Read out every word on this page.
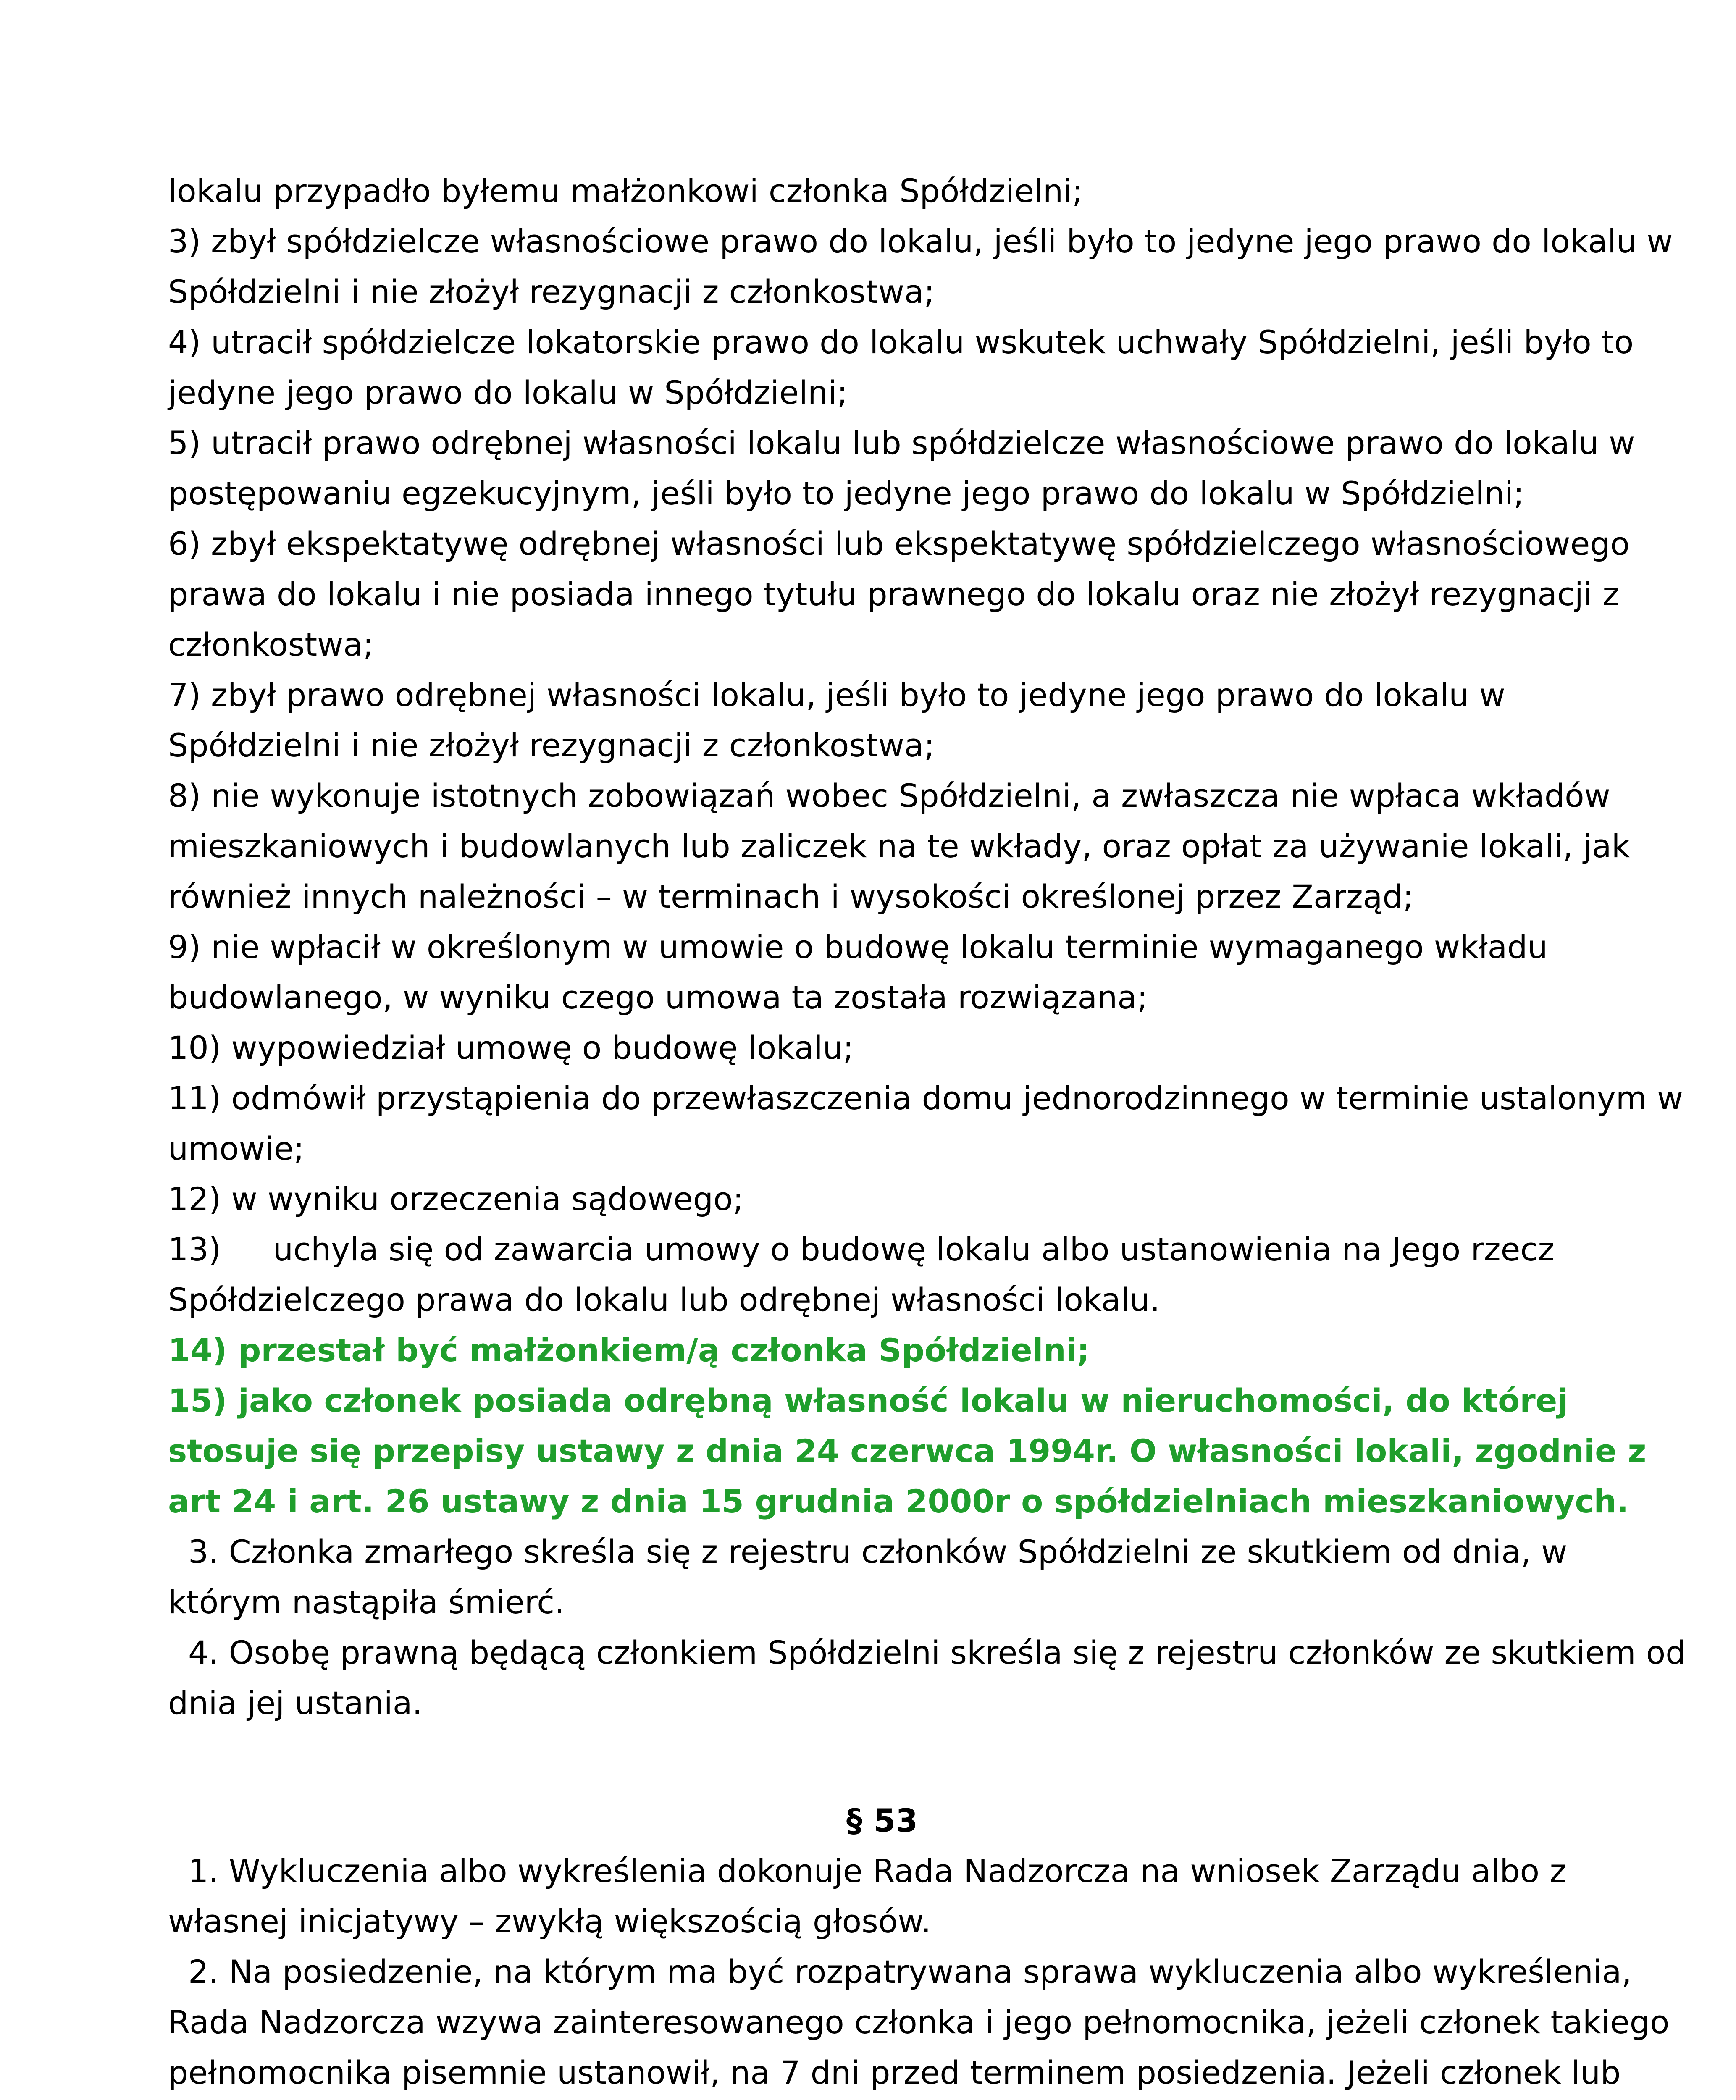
lokalu przypadło byłemu małżonkowi członka Spółdzielni;
3) zbył spółdzielcze własnościowe prawo do lokalu, jeśli było to jedyne jego prawo do lokalu w
Spółdzielni i nie złożył rezygnacji z członkostwa;
4) utracił spółdzielcze lokatorskie prawo do lokalu wskutek uchwały Spółdzielni, jeśli było to
jedyne jego prawo do lokalu w Spółdzielni;
5) utracił prawo odrębnej własności lokalu lub spółdzielcze własnościowe prawo do lokalu w
postępowaniu egzekucyjnym, jeśli było to jedyne jego prawo do lokalu w Spółdzielni;
6) zbył ekspektatywę odrębnej własności lub ekspektatywę spółdzielczego własnościowego
prawa do lokalu i nie posiada innego tytułu prawnego do lokalu oraz nie złożył rezygnacji z
członkostwa;
7) zbył prawo odrębnej własności lokalu, jeśli było to jedyne jego prawo do lokalu w
Spółdzielni i nie złożył rezygnacji z członkostwa;
8) nie wykonuje istotnych zobowiązań wobec Spółdzielni, a zwłaszcza nie wpłaca wkładów
mieszkaniowych i budowlanych lub zaliczek na te wkłady, oraz opłat za używanie lokali, jak
również innych należności – w terminach i wysokości określonej przez Zarząd;
9) nie wpłacił w określonym w umowie o budowę lokalu terminie wymaganego wkładu
budowlanego, w wyniku czego umowa ta została rozwiązana;
10) wypowiedział umowę o budowę lokalu;
11) odmówił przystąpienia do przewłaszczenia domu jednorodzinnego w terminie ustalonym w
umowie;
12) w wyniku orzeczenia sądowego;
13) uchyla się od zawarcia umowy o budowę lokalu albo ustanowienia na Jego rzecz
Spółdzielczego prawa do lokalu lub odrębnej własności lokalu.
14) przestał być małżonkiem/ą członka Spółdzielni;
15) jako członek posiada odrębną własność lokalu w nieruchomości, do której
stosuje się przepisy ustawy z dnia 24 czerwca 1994r. O własności lokali, zgodnie z
art 24 i art. 26 ustawy z dnia 15 grudnia 2000r o spółdzielniach mieszkaniowych.
3. Członka zmarłego skreśla się z rejestru członków Spółdzielni ze skutkiem od dnia, w
którym nastąpiła śmierć.
4. Osobę prawną będącą członkiem Spółdzielni skreśla się z rejestru członków ze skutkiem od
dnia jej ustania.
§ 53
1. Wykluczenia albo wykreślenia dokonuje Rada Nadzorcza na wniosek Zarządu albo z
własnej inicjatywy – zwykłą większością głosów.
2. Na posiedzenie, na którym ma być rozpatrywana sprawa wykluczenia albo wykreślenia,
Rada Nadzorcza wzywa zainteresowanego członka i jego pełnomocnika, jeżeli członek takiego
pełnomocnika pisemnie ustanowił, na 7 dni przed terminem posiedzenia. Jeżeli członek lub
